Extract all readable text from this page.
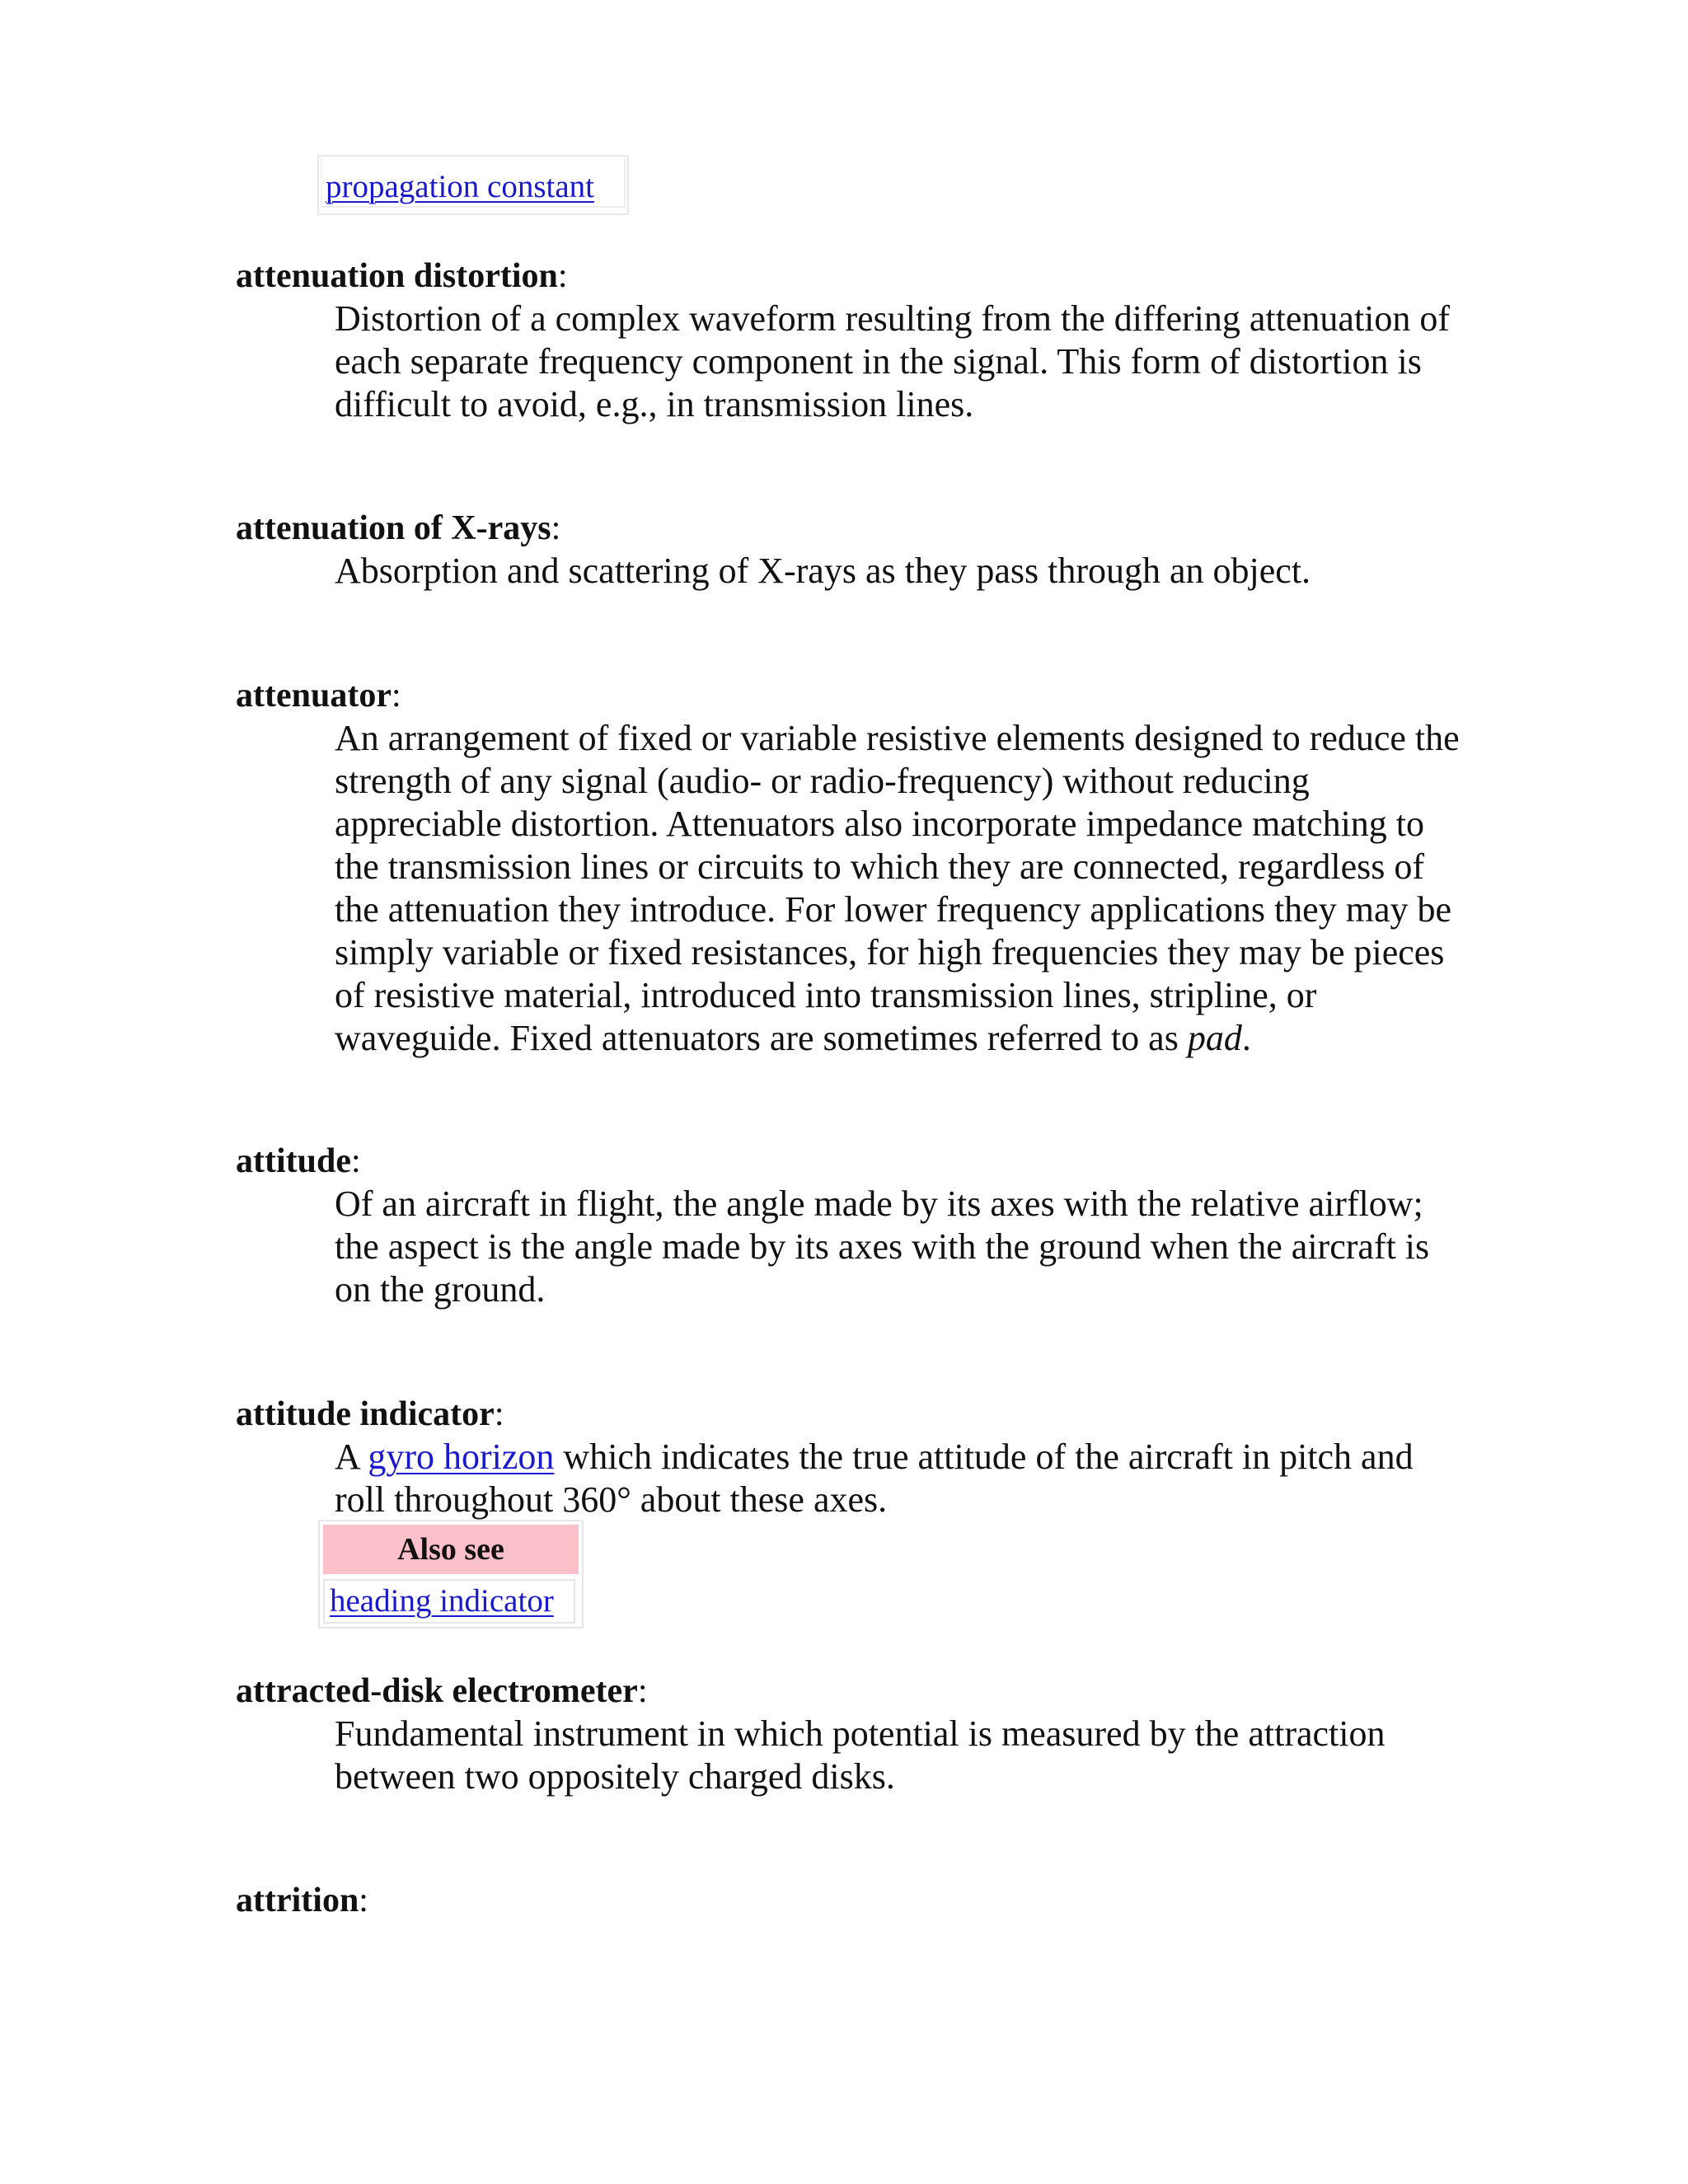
propagation constant

attenuation distortion:

Distortion of a complex waveform resulting from the differing attenuation of each separate frequency component in the signal. This form of distortion is difficult to avoid, e.g., in transmission lines.

attenuation of X-rays:

Absorption and scattering of X-rays as they pass through an object.

attenuator:

An arrangement of fixed or variable resistive elements designed to reduce the strength of any signal (audio- or radio-frequency) without reducing appreciable distortion. Attenuators also incorporate impedance matching to the transmission lines or circuits to which they are connected, regardless of the attenuation they introduce. For lower frequency applications they may be simply variable or fixed resistances, for high frequencies they may be pieces of resistive material, introduced into transmission lines, stripline, or waveguide. Fixed attenuators are sometimes referred to as pad.

attitude:

Of an aircraft in flight, the angle made by its axes with the relative airflow; the aspect is the angle made by its axes with the ground when the aircraft is on the ground.

attitude indicator:

A gyro horizon which indicates the true attitude of the aircraft in pitch and roll throughout 360° about these axes.
Also see
heading indicator

attracted-disk electrometer:

Fundamental instrument in which potential is measured by the attraction between two oppositely charged disks.

attrition:
